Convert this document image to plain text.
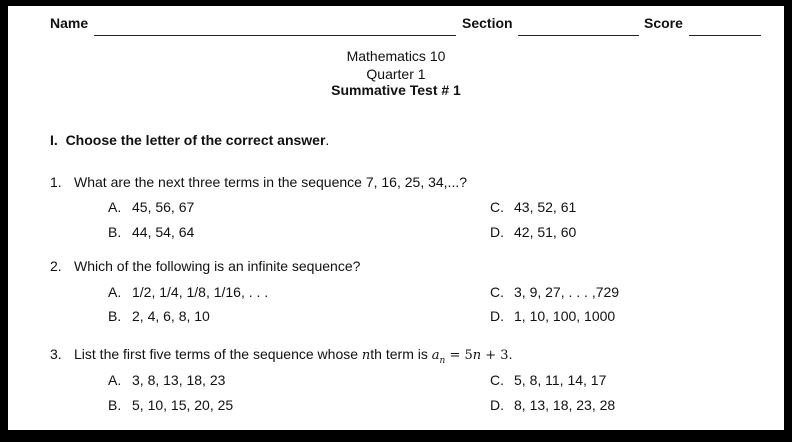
Name	Section	Score
Mathematics 10
Quarter 1
Summative Test # 1
I. Choose the letter of the correct answer.
1. What are the next three terms in the sequence 7, 16, 25, 34,...?
A. 45, 56, 67
B. 44, 54, 64
C. 43, 52, 61
D. 42, 51, 60
2. Which of the following is an infinite sequence?
A. 1/2, 1/4, 1/8, 1/16, . . .
B. 2, 4, 6, 8, 10
C. 3, 9, 27, . . . ,729
D. 1, 10, 100, 1000
3. List the first five terms of the sequence whose nth term is $a_n = 5n + 3$.
A. 3, 8, 13, 18, 23
B. 5, 10, 15, 20, 25
C. 5, 8, 11, 14, 17
D. 8, 13, 18, 23, 28
